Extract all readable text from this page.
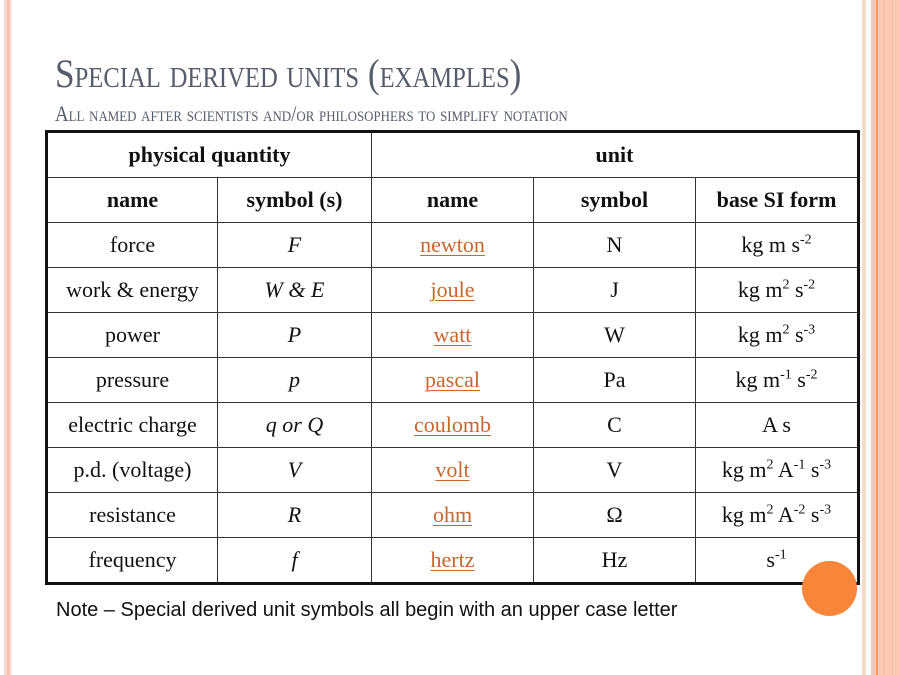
Special derived units (examples)
All named after scientists and/or philosophers to simplify notation
physical quantity		unit		
name	symbol (s)	name	symbol	base SI form
force	F	newton	N	kg m $s^{-2}$
work & energy	W & E	joule	J	kg $m^2$ $s^{-2}$
power	P	watt	W	kg $m^2$ $s^{-3}$
pressure	p	pascal	Pa	kg $m^{-1}$ $s^{-2}$
electric charge	q or Q	coulomb	C	A s
p.d. (voltage)	V	volt	V	kg $m^2$ $A^{-1}$ $s^{-3}$
resistance	R	ohm	Ω	kg $m^2$ $A^{-2}$ $s^{-3}$
frequency	f	hertz	Hz	$s^{-1}$
Note – Special derived unit symbols all begin with an upper case letter
